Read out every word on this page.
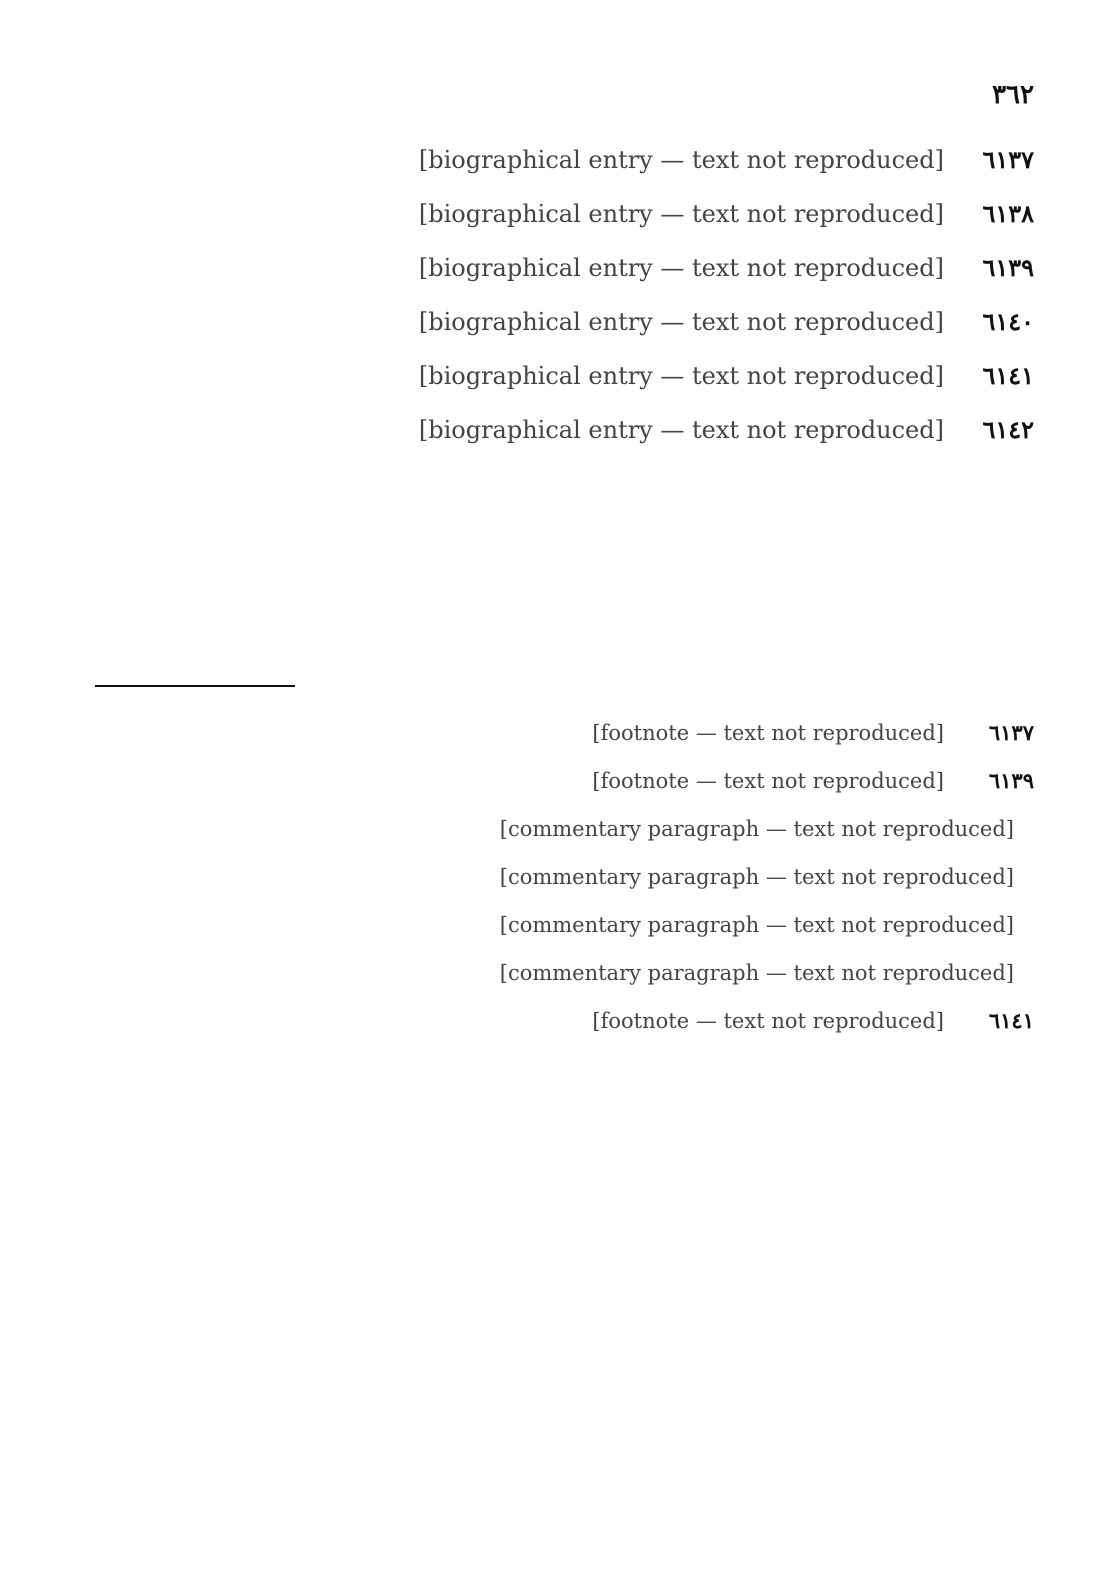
٣٦٢
٦١٣٧
[biographical entry — text not reproduced]
٦١٣٨
[biographical entry — text not reproduced]
٦١٣٩
[biographical entry — text not reproduced]
٦١٤٠
[biographical entry — text not reproduced]
٦١٤١
[biographical entry — text not reproduced]
٦١٤٢
[biographical entry — text not reproduced]
٦١٣٧
[footnote — text not reproduced]
٦١٣٩
[footnote — text not reproduced]

[commentary paragraph — text not reproduced]

[commentary paragraph — text not reproduced]

[commentary paragraph — text not reproduced]

[commentary paragraph — text not reproduced]

٦١٤١
[footnote — text not reproduced]
